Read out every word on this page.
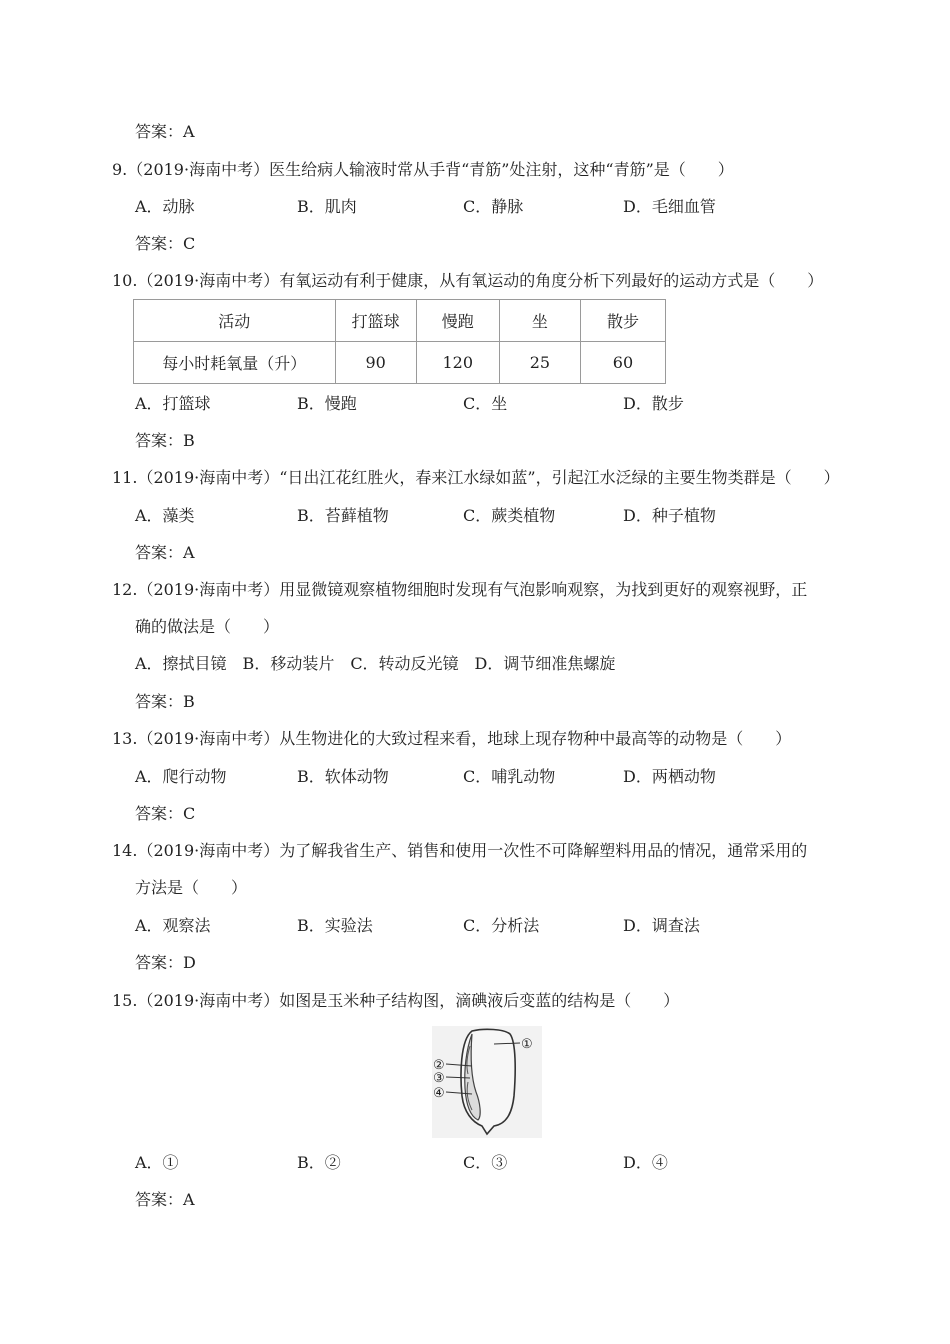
答案：A
9.（2019·海南中考）医生给病人输液时常从手背“青筋”处注射，这种“青筋”是（　　）
A．动脉	B．肌肉	C．静脉	D．毛细血管
答案：C
10.（2019·海南中考）有氧运动有利于健康，从有氧运动的角度分析下列最好的运动方式是（　　）
活动	打篮球	慢跑	坐	散步
每小时耗氧量（升）	90	120	25	60
A．打篮球	B．慢跑	C．坐	D．散步
答案：B
11.（2019·海南中考）“日出江花红胜火，春来江水绿如蓝”，引起江水泛绿的主要生物类群是（　　）
A．藻类	B．苔藓植物	C．蕨类植物	D．种子植物
答案：A
12.（2019·海南中考）用显微镜观察植物细胞时发现有气泡影响观察，为找到更好的观察视野，正
确的做法是（　　）
A．擦拭目镜　B．移动装片　C．转动反光镜　D．调节细准焦螺旋
答案：B
13.（2019·海南中考）从生物进化的大致过程来看，地球上现存物种中最高等的动物是（　　）
A．爬行动物	B．软体动物	C．哺乳动物	D．两栖动物
答案：C
14.（2019·海南中考）为了解我省生产、销售和使用一次性不可降解塑料用品的情况，通常采用的
方法是（　　）
A．观察法	B．实验法	C．分析法	D．调查法
答案：D
15.（2019·海南中考）如图是玉米种子结构图，滴碘液后变蓝的结构是（　　）
①
②
③
④
A．①	B．②	C．③	D．④
答案：A
